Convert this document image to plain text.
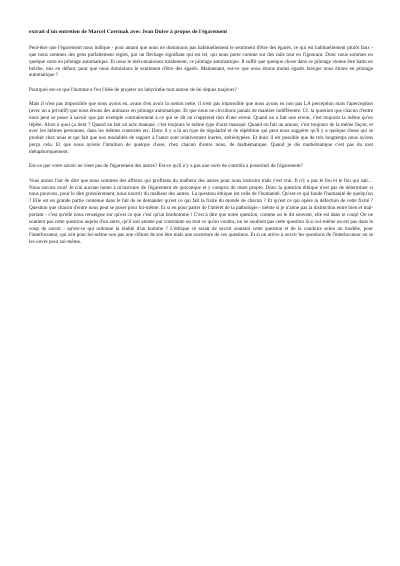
extrait d'un entretien de Marcel Czermak avec Jean Duive à propos de l'égarement

Peut-être que l'égarement nous indique - pour autant que nous ne dominions pas habituellement le sentiment d'être des égarés, ce qui est habituellement plutôt faux - que nous sommes des gens parfaitement réglés, par un fléchage signifiant qui est tel, qui nous porte comme sur des rails tout en l'ignorant. Donc nous sommes en quelque sorte en pilotage automatique. Et nous le méconnaissons totalement, ce pilotage automatique. Il suffit que quelque chose dans ce pilotage vienne être battu en brèche, mis en défaut, pour que nous dominions le sentiment d'être des égarés. Maintenant, est-ce que nous étions moins égarés lorsque nous étions en pilotage automatique ?

Pourquoi est-ce que l'homme a l'eu l'idée de projeter un labyrinthe tout autour de lui depuis toujours?

Mais il n'est pas impossible que nous ayons eu, avant d'en avoir la notion nette, il n'est pas impossible que nous ayons eu non pas LA perception mais l'aperception (avec un a privatif) que nous étions des animaux en pilotage automatique. Et que nous ne circulions jamais de manière indifférente. Cf. la question que chacun d'entre nous peut se poser à savoir que par exemple contrairement à ce qui se dit on n'apprend rien d'une erreur. Quand on a fait une erreur, c'est toujours la même qu'on répète. Alors à quoi ça tient ? Quand on fait un acte manqué, c'est toujours le même type d'acte manqué. Quand on fait un amour, c'est toujours de la même façon, et avec les mêmes personnes, dans les mêmes contextes etc. Donc il y a là un type de régularité et de répétition qui peut nous suggérer qu'il y a quelque chose qui se produit chez nous et qui fait que nos modalités de rapport à l'autre sont relativement inertes, stéréotypées. Et donc il est possible que de très longtemps nous ayions perçu cela. Et que nous ayions l'intuition de quelque chose, chez chacun d'entre nous, de mathématique. Quand je dis mathématique c'est pas du tout métaphoriquement.

Est-ce que votre savoir ne vient pas de l'égarement des autres? Est-ce qu'il n'y a pas une sorte de contrôle a posteriori de l'égarement?

Vous auriez l'air de dire que nous sommes des affreux qui profitons du malheur des autres pour nous instruire mais c'est vrai. Il n'y a pas le fou et le fou qui sait… Nous savons tous! Je n'ai aucune honte à m'instruire de l'égarement de quiconque et y compris du mien propre. Donc la question éthique n'est pas de déterminer si nous pouvons, pour le dire grossièrement, nous nourrir du malheur des autres. La question éthique est celle de l'humanité. Qu'est-ce qui fonde l'humanité de quelqu'un ? Elle est en grande partie contenue dans le fait de se demander qu'est ce qui fait la fixité du monde de chacun ? Et qu'est ce qui opère la défection de cette fixité ? Question que chacun d'entre nous peut se poser pour lui-même. Et si en pour parler de l'intérêt de la pathologie - même si je n'aime pas la distinction entre bien et mal-portant - c'est qu'elle nous renseigne sur qu'est ce que c'est qu'un bonhomme ! C'est à dire que notre question, comme on le dit souvent, elle est dans le coup! On ne soutient pas cette question auprès d'un autre, qu'il soit amené par contrainte ou tout ce qu'on voudra, on ne soutient pas cette question là si soi-même on est pas dans le coup de savoir : qu'est-ce qui ordonne la réalité d'un homme ? L'éthique ce serait de savoir soutenir cette question et de la conduire selon un modèle, pour l'interlocuteur, qui soit pour lui-même non pas une clôture de son être mais une ouverture de ces questions. Et si on arrive à ouvrir les questions de l'interlocuteur on se les ouvre pour soi-même.
